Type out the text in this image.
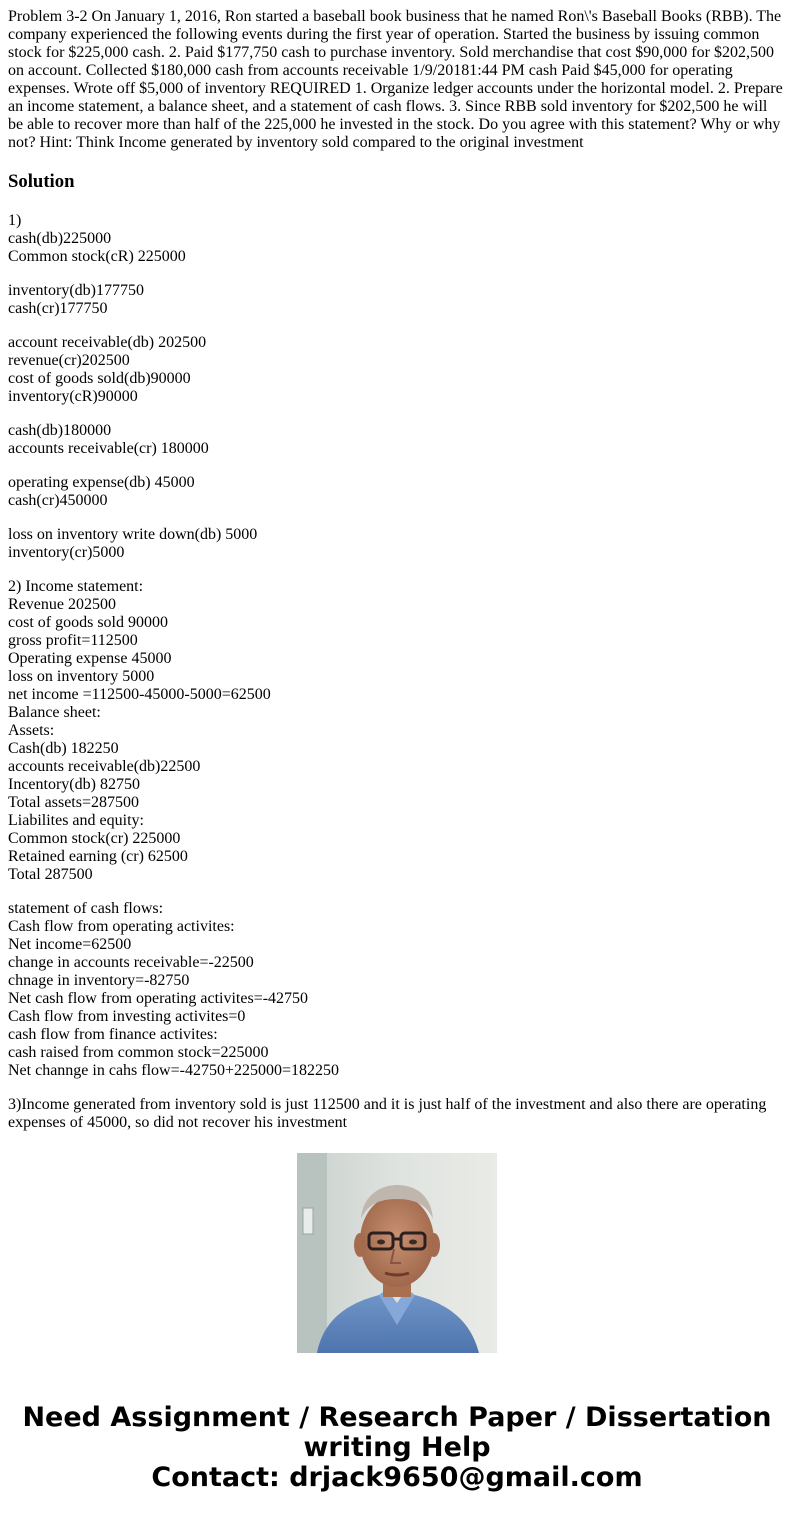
Problem 3-2 On January 1, 2016, Ron started a baseball book business that he named Ron\'s Baseball Books (RBB). The company experienced the following events during the first year of operation. Started the business by issuing common stock for $225,000 cash. 2. Paid $177,750 cash to purchase inventory. Sold merchandise that cost $90,000 for $202,500 on account. Collected $180,000 cash from accounts receivable 1/9/20181:44 PM cash Paid $45,000 for operating expenses. Wrote off $5,000 of inventory REQUIRED 1. Organize ledger accounts under the horizontal model. 2. Prepare an income statement, a balance sheet, and a statement of cash flows. 3. Since RBB sold inventory for $202,500 he will be able to recover more than half of the 225,000 he invested in the stock. Do you agree with this statement? Why or why not? Hint: Think Income generated by inventory sold compared to the original investment

Solution
1)
cash(db)225000
Common stock(cR) 225000
inventory(db)177750
cash(cr)177750
account receivable(db) 202500
revenue(cr)202500
cost of goods sold(db)90000
inventory(cR)90000
cash(db)180000
accounts receivable(cr) 180000
operating expense(db) 45000
cash(cr)450000
loss on inventory write down(db) 5000
inventory(cr)5000
2) Income statement:
Revenue 202500
cost of goods sold 90000
gross profit=112500
Operating expense 45000
loss on inventory 5000
net income =112500-45000-5000=62500
Balance sheet:
Assets:
Cash(db) 182250
accounts receivable(db)22500
Incentory(db) 82750
Total assets=287500
Liabilites and equity:
Common stock(cr) 225000
Retained earning (cr) 62500
Total 287500
statement of cash flows:
Cash flow from operating activites:
Net income=62500
change in accounts receivable=-22500
chnage in inventory=-82750
Net cash flow from operating activites=-42750
Cash flow from investing activites=0
cash flow from finance activites:
cash raised from common stock=225000
Net channge in cahs flow=-42750+225000=182250
3)Income generated from inventory sold is just 112500 and it is just half of the investment and also there are operating expenses of 45000, so did not recover his investment
Need Assignment / Research Paper / Dissertation
writing Help
Contact: drjack9650@gmail.com
